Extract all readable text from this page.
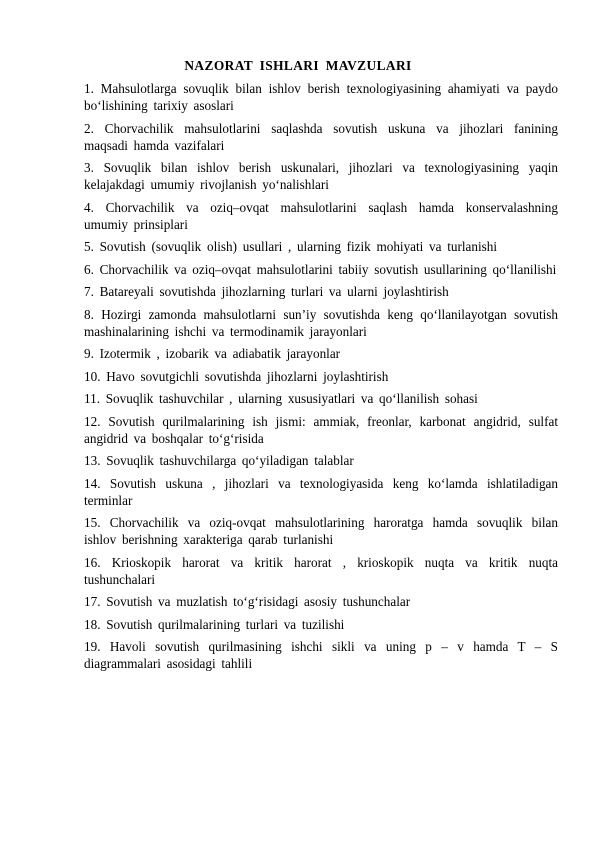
NAZORAT ISHLARI MAVZULARI
1. Mahsulotlarga sovuqlik bilan ishlov berish texnologiyasining ahamiyati va paydo bo‘lishining tarixiy asoslari
2. Chorvachilik mahsulotlarini saqlashda sovutish uskuna va jihozlari fanining maqsadi hamda vazifalari
3. Sovuqlik bilan ishlov berish uskunalari, jihozlari va texnologiyasining yaqin kelajakdagi umumiy rivojlanish yo‘nalishlari
4. Chorvachilik va oziq–ovqat mahsulotlarini saqlash hamda konservalashning umumiy prinsiplari
5. Sovutish (sovuqlik olish) usullari , ularning fizik mohiyati va turlanishi
6. Chorvachilik va oziq–ovqat mahsulotlarini tabiiy sovutish usullarining qo‘llanilishi
7. Batareyali sovutishda jihozlarning turlari va ularni joylashtirish
8. Hozirgi zamonda mahsulotlarni sun’iy sovutishda keng qo‘llanilayotgan sovutish mashinalarining ishchi va termodinamik jarayonlari
9. Izotermik , izobarik va adiabatik jarayonlar
10. Havo sovutgichli sovutishda jihozlarni joylashtirish
11. Sovuqlik tashuvchilar , ularning xususiyatlari va qo‘llanilish sohasi
12. Sovutish qurilmalarining ish jismi: ammiak, freonlar, karbonat angidrid, sulfat angidrid va boshqalar to‘g‘risida
13. Sovuqlik tashuvchilarga qo‘yiladigan talablar
14. Sovutish uskuna , jihozlari va texnologiyasida keng ko‘lamda ishlatiladigan terminlar
15. Chorvachilik va oziq-ovqat mahsulotlarining haroratga hamda sovuqlik bilan ishlov berishning xarakteriga qarab turlanishi
16. Krioskopik harorat va kritik harorat , krioskopik nuqta va kritik nuqta tushunchalari
17. Sovutish va muzlatish to‘g‘risidagi asosiy tushunchalar
18. Sovutish qurilmalarining turlari va tuzilishi
19. Havoli sovutish qurilmasining ishchi sikli va uning p – v hamda T – S diagrammalari asosidagi tahlili
